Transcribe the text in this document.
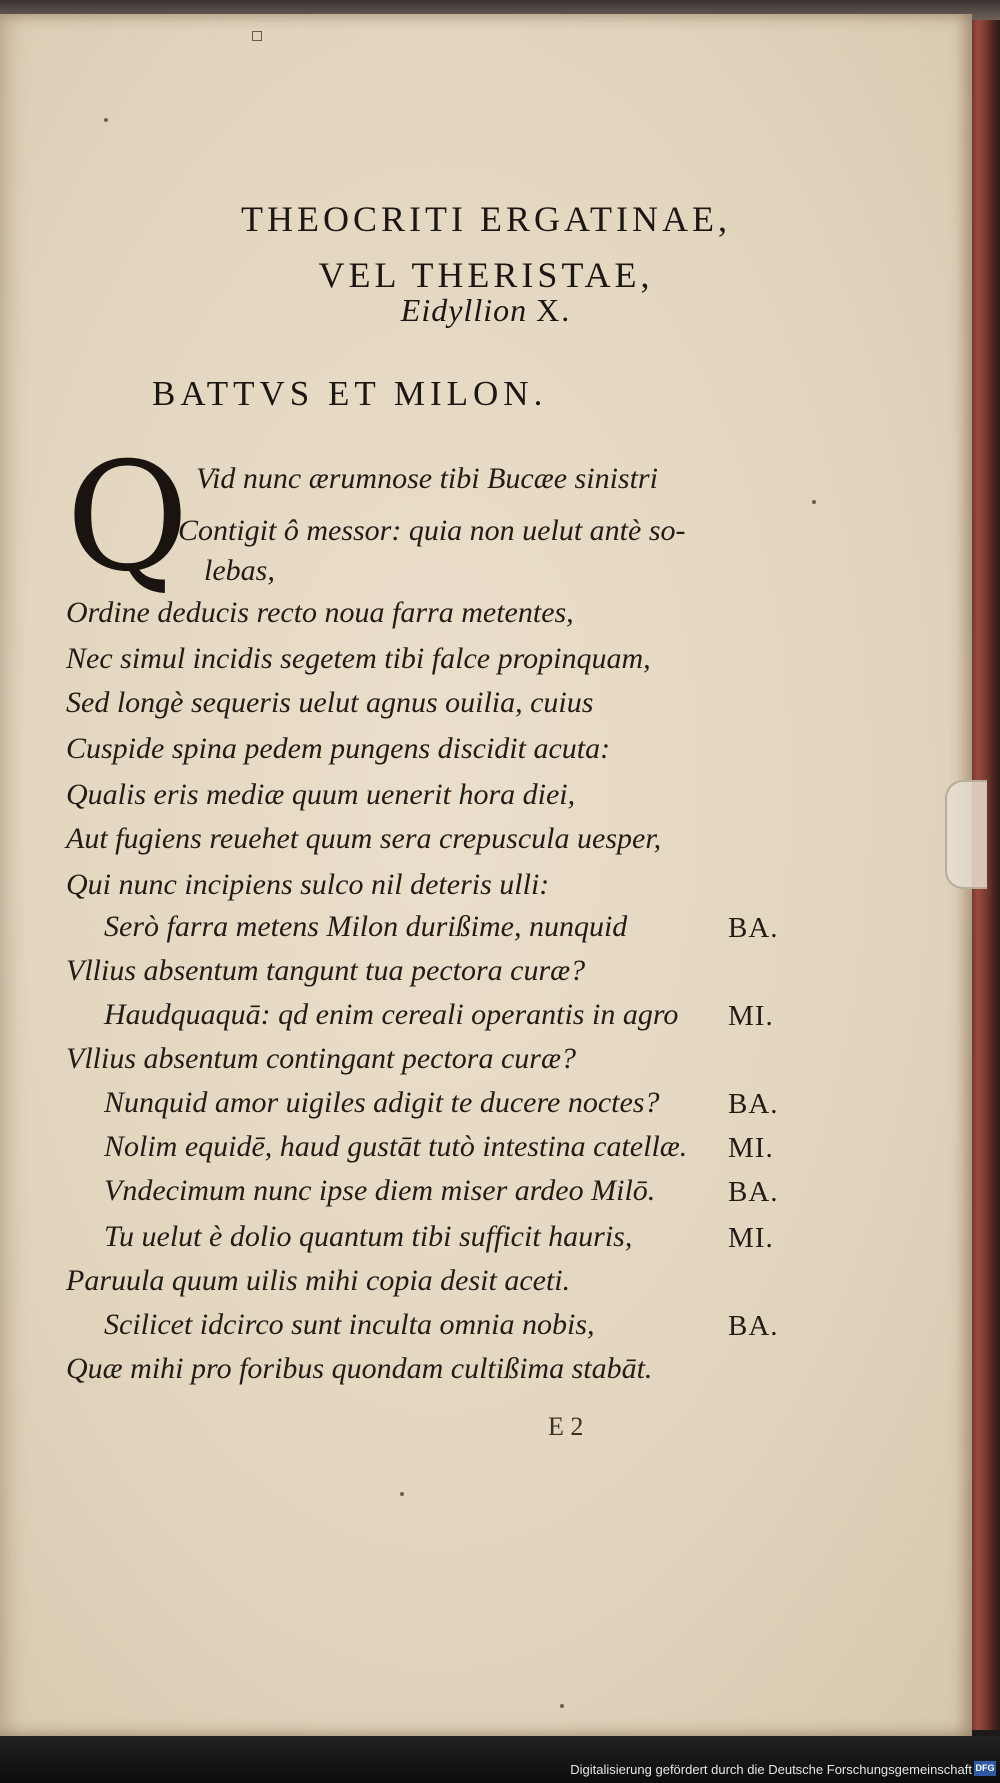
THEOCRITI ERGATINAE,
VEL THERISTAE,
Eidyllion X.
BATTVS ET MILON.
Q Vid nunc ærumnose tibi Bucæe sinistri
Contigit ô messor: quia non uelut antè so-
lebas,
Ordine deducis recto noua farra metentes,
Nec simul incidis segetem tibi falce propinquam,
Sed longè sequeris uelut agnus ouilia, cuius
Cuspide spina pedem pungens discidit acuta:
Qualis eris mediæ quum uenerit hora diei,
Aut fugiens reuehet quum sera crepuscula uesper,
Qui nunc incipiens sulco nil deteris ulli:
Serò farra metens Milon durißime, nunquid
Vllius absentum tangunt tua pectora curæ?
Haudquaquā: qd enim cereali operantis in agro
Vllius absentum contingant pectora curæ?
Nunquid amor uigiles adigit te ducere noctes?
Nolim equidē, haud gustāt tutò intestina catellæ.
Vndecimum nunc ipse diem miser ardeo Milō.
Tu uelut è dolio quantum tibi sufficit hauris,
Paruula quum uilis mihi copia desit aceti.
Scilicet idcirco sunt inculta omnia nobis,
Quæ mihi pro foribus quondam cultißima stabāt.
BA.
MI.
BA.
MI.
BA.
MI.
BA.
E 2
Digitalisierung gefördert durch die Deutsche Forschungsgemeinschaft DFG
